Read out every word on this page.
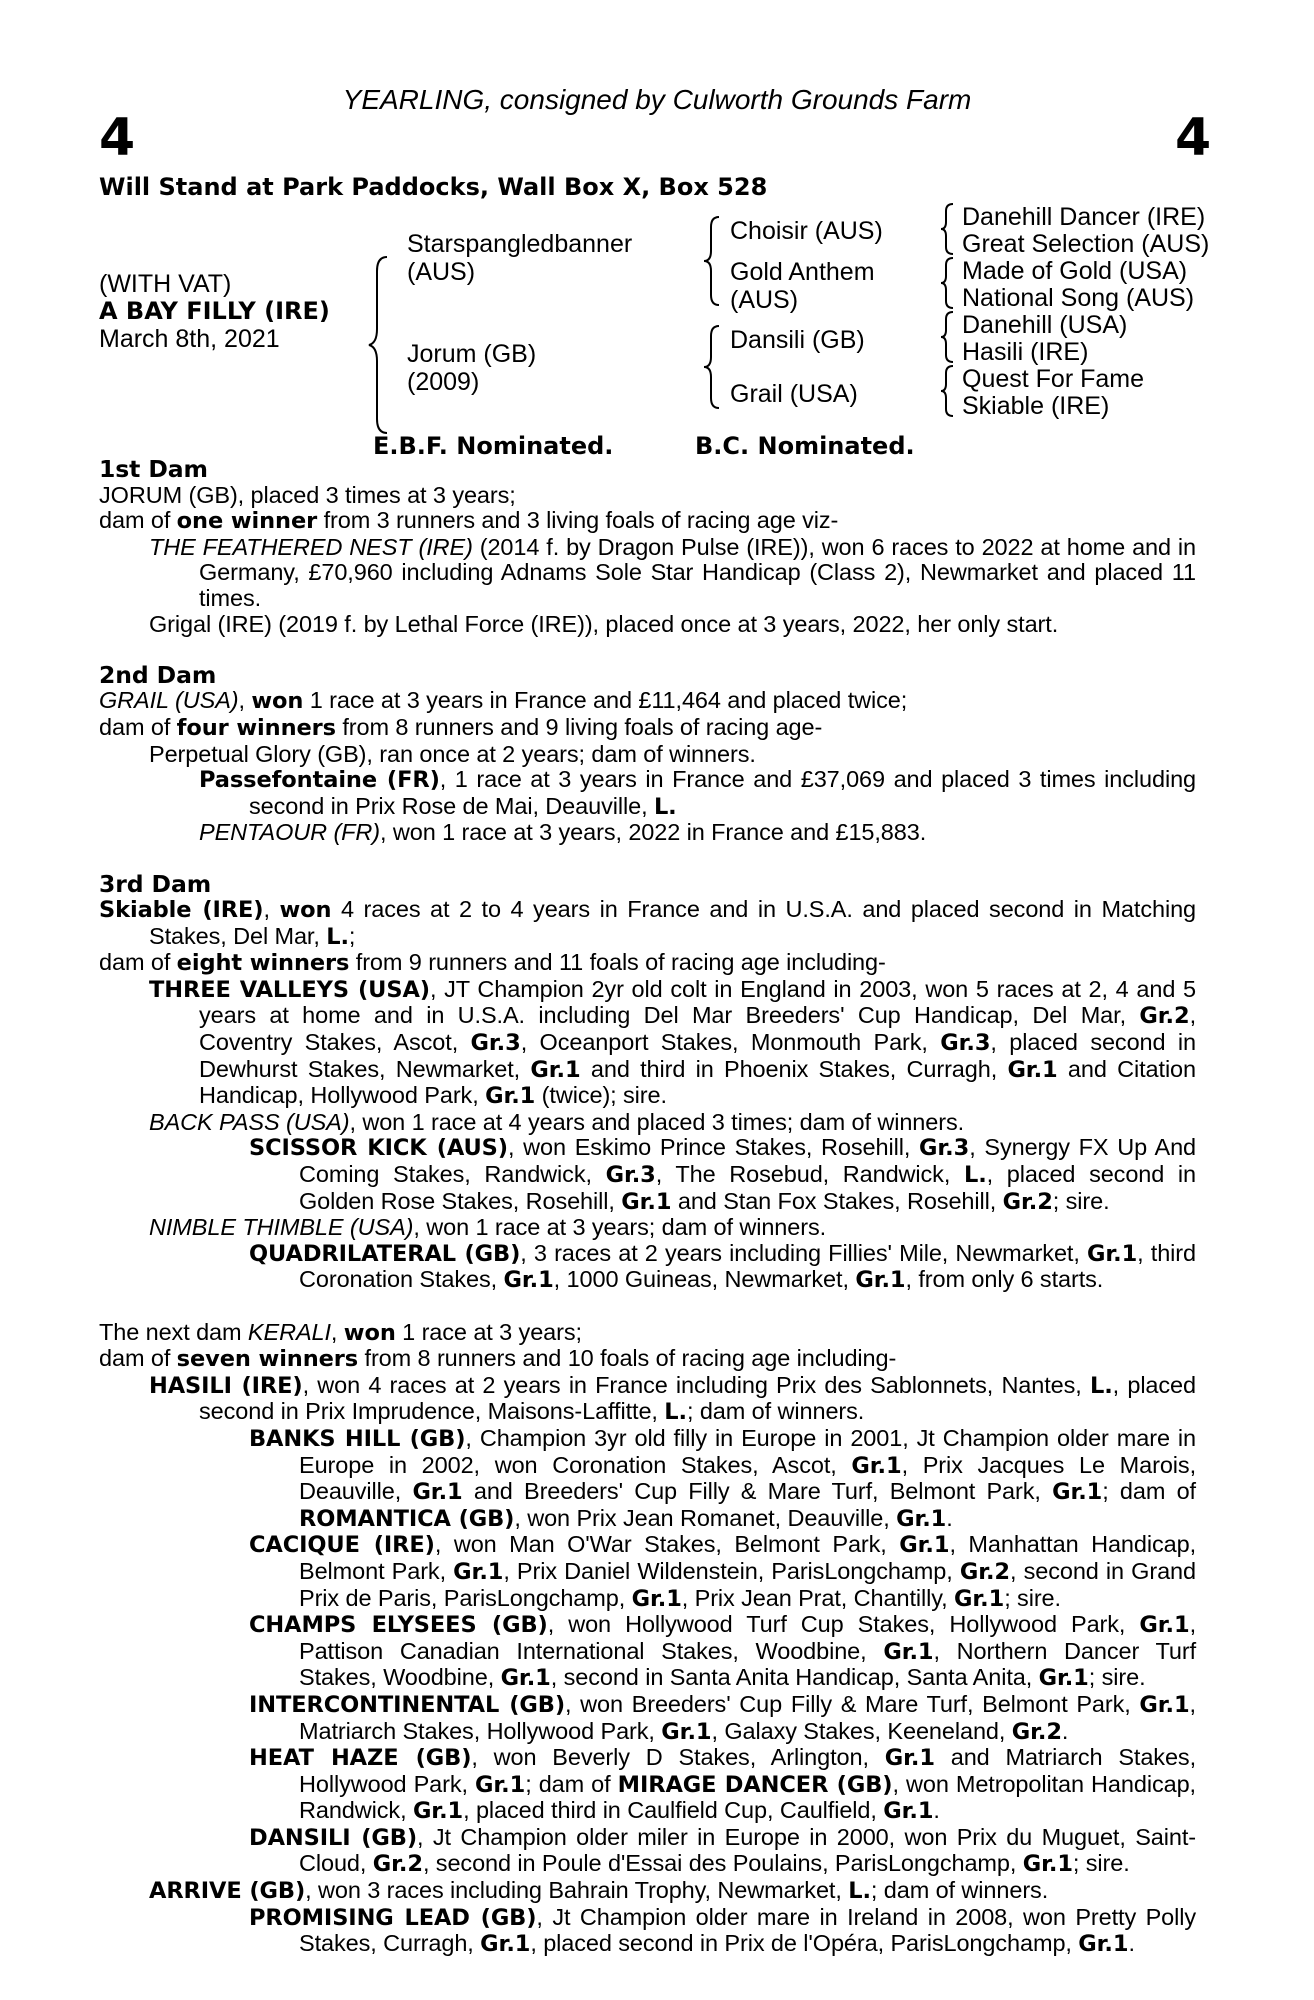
YEARLING, consigned by Culworth Grounds Farm
4	4
Will Stand at Park Paddocks, Wall Box X, Box 528
(WITH VAT)
A BAY FILLY (IRE)
March 8th, 2021
Starspangledbanner
(AUS)
Jorum (GB)
(2009)
Choisir (AUS)
Gold Anthem
(AUS)
Dansili (GB)
Grail (USA)
Danehill Dancer (IRE)
Great Selection (AUS)
Made of Gold (USA)
National Song (AUS)
Danehill (USA)
Hasili (IRE)
Quest For Fame
Skiable (IRE)
E.B.F. Nominated.	B.C. Nominated.

1st Dam

JORUM (GB), placed 3 times at 3 years;

dam of one winner from 3 runners and 3 living foals of racing age viz-

THE FEATHERED NEST (IRE) (2014 f. by Dragon Pulse (IRE)), won 6 races to 2022 at home and in Germany, £70,960 including Adnams Sole Star Handicap (Class 2), Newmarket and placed 11 times.

Grigal (IRE) (2019 f. by Lethal Force (IRE)), placed once at 3 years, 2022, her only start.

2nd Dam

GRAIL (USA), won 1 race at 3 years in France and £11,464 and placed twice;

dam of four winners from 8 runners and 9 living foals of racing age-

Perpetual Glory (GB), ran once at 2 years; dam of winners.

Passefontaine (FR), 1 race at 3 years in France and £37,069 and placed 3 times including second in Prix Rose de Mai, Deauville, L.

PENTAOUR (FR), won 1 race at 3 years, 2022 in France and £15,883.

3rd Dam

Skiable (IRE), won 4 races at 2 to 4 years in France and in U.S.A. and placed second in Matching Stakes, Del Mar, L.;

dam of eight winners from 9 runners and 11 foals of racing age including-

THREE VALLEYS (USA), JT Champion 2yr old colt in England in 2003, won 5 races at 2, 4 and 5 years at home and in U.S.A. including Del Mar Breeders' Cup Handicap, Del Mar, Gr.2, Coventry Stakes, Ascot, Gr.3, Oceanport Stakes, Monmouth Park, Gr.3, placed second in Dewhurst Stakes, Newmarket, Gr.1 and third in Phoenix Stakes, Curragh, Gr.1 and Citation Handicap, Hollywood Park, Gr.1 (twice); sire.

BACK PASS (USA), won 1 race at 4 years and placed 3 times; dam of winners.

SCISSOR KICK (AUS), won Eskimo Prince Stakes, Rosehill, Gr.3, Synergy FX Up And Coming Stakes, Randwick, Gr.3, The Rosebud, Randwick, L., placed second in Golden Rose Stakes, Rosehill, Gr.1 and Stan Fox Stakes, Rosehill, Gr.2; sire.

NIMBLE THIMBLE (USA), won 1 race at 3 years; dam of winners.

QUADRILATERAL (GB), 3 races at 2 years including Fillies' Mile, Newmarket, Gr.1, third Coronation Stakes, Gr.1, 1000 Guineas, Newmarket, Gr.1, from only 6 starts.

The next dam KERALI, won 1 race at 3 years;

dam of seven winners from 8 runners and 10 foals of racing age including-

HASILI (IRE), won 4 races at 2 years in France including Prix des Sablonnets, Nantes, L., placed second in Prix Imprudence, Maisons-Laffitte, L.; dam of winners.

BANKS HILL (GB), Champion 3yr old filly in Europe in 2001, Jt Champion older mare in Europe in 2002, won Coronation Stakes, Ascot, Gr.1, Prix Jacques Le Marois, Deauville, Gr.1 and Breeders' Cup Filly & Mare Turf, Belmont Park, Gr.1; dam of ROMANTICA (GB), won Prix Jean Romanet, Deauville, Gr.1.

CACIQUE (IRE), won Man O'War Stakes, Belmont Park, Gr.1, Manhattan Handicap, Belmont Park, Gr.1, Prix Daniel Wildenstein, ParisLongchamp, Gr.2, second in Grand Prix de Paris, ParisLongchamp, Gr.1, Prix Jean Prat, Chantilly, Gr.1; sire.

CHAMPS ELYSEES (GB), won Hollywood Turf Cup Stakes, Hollywood Park, Gr.1, Pattison Canadian International Stakes, Woodbine, Gr.1, Northern Dancer Turf Stakes, Woodbine, Gr.1, second in Santa Anita Handicap, Santa Anita, Gr.1; sire.

INTERCONTINENTAL (GB), won Breeders' Cup Filly & Mare Turf, Belmont Park, Gr.1, Matriarch Stakes, Hollywood Park, Gr.1, Galaxy Stakes, Keeneland, Gr.2.

HEAT HAZE (GB), won Beverly D Stakes, Arlington, Gr.1 and Matriarch Stakes, Hollywood Park, Gr.1; dam of MIRAGE DANCER (GB), won Metropolitan Handicap, Randwick, Gr.1, placed third in Caulfield Cup, Caulfield, Gr.1.

DANSILI (GB), Jt Champion older miler in Europe in 2000, won Prix du Muguet, Saint-Cloud, Gr.2, second in Poule d'Essai des Poulains, ParisLongchamp, Gr.1; sire.

ARRIVE (GB), won 3 races including Bahrain Trophy, Newmarket, L.; dam of winners.

PROMISING LEAD (GB), Jt Champion older mare in Ireland in 2008, won Pretty Polly Stakes, Curragh, Gr.1, placed second in Prix de l'Opéra, ParisLongchamp, Gr.1.
